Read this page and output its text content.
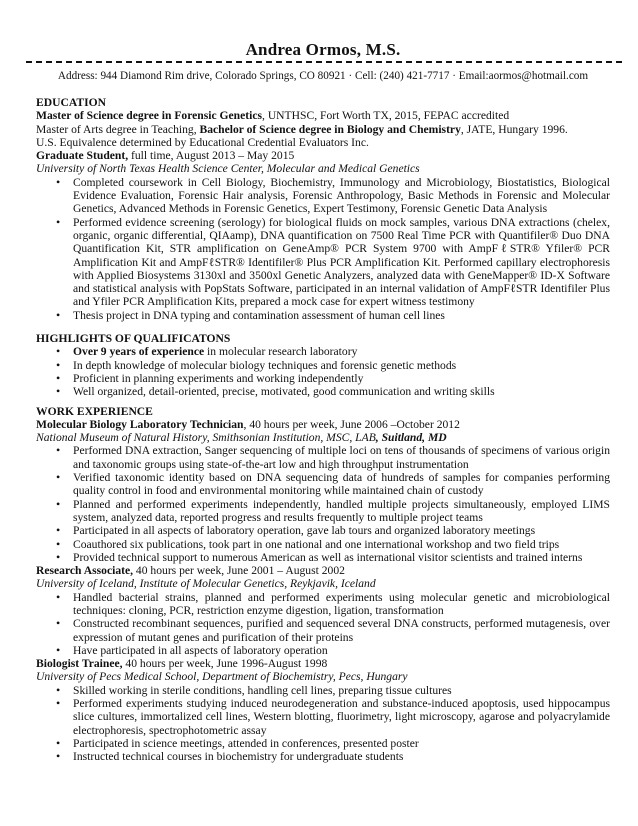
Andrea Ormos, M.S.
Address: 944 Diamond Rim drive, Colorado Springs, CO 80921 · Cell: (240) 421-7717 · Email:aormos@hotmail.com
EDUCATION
Master of Science degree in Forensic Genetics, UNTHSC, Fort Worth TX, 2015, FEPAC accredited
Master of Arts degree in Teaching, Bachelor of Science degree in Biology and Chemistry, JATE, Hungary 1996.
U.S. Equivalence determined by Educational Credential Evaluators Inc.
Graduate Student, full time, August 2013 – May 2015
University of North Texas Health Science Center, Molecular and Medical Genetics
• Completed coursework in Cell Biology, Biochemistry, Immunology and Microbiology, Biostatistics, Biological Evidence Evaluation, Forensic Hair analysis, Forensic Anthropology, Basic Methods in Forensic and Molecular Genetics, Advanced Methods in Forensic Genetics, Expert Testimony, Forensic Genetic Data Analysis
• Performed evidence screening (serology) for biological fluids on mock samples, various DNA extractions (chelex, organic, organic differential, QIAamp), DNA quantification on 7500 Real Time PCR with Quantifiler® Duo DNA Quantification Kit, STR amplification on GeneAmp® PCR System 9700 with AmpFℓSTR® Yfiler® PCR Amplification Kit and AmpFℓSTR® Identifiler® Plus PCR Amplification Kit. Performed capillary electrophoresis with Applied Biosystems 3130xl and 3500xl Genetic Analyzers, analyzed data with GeneMapper® ID-X Software and statistical analysis with PopStats Software, participated in an internal validation of AmpFℓSTR Identifiler Plus and Yfiler PCR Amplification Kits, prepared a mock case for expert witness testimony
• Thesis project in DNA typing and contamination assessment of human cell lines
HIGHLIGHTS OF QUALIFICATONS
• Over 9 years of experience in molecular research laboratory
• In depth knowledge of molecular biology techniques and forensic genetic methods
• Proficient in planning experiments and working independently
• Well organized, detail-oriented, precise, motivated, good communication and writing skills
WORK EXPERIENCE
Molecular Biology Laboratory Technician, 40 hours per week, June 2006 –October 2012
National Museum of Natural History, Smithsonian Institution, MSC, LAB, Suitland, MD
• Performed DNA extraction, Sanger sequencing of multiple loci on tens of thousands of specimens of various origin and taxonomic groups using state-of-the-art low and high throughput instrumentation
• Verified taxonomic identity based on DNA sequencing data of hundreds of samples for companies performing quality control in food and environmental monitoring while maintained chain of custody
• Planned and performed experiments independently, handled multiple projects simultaneously, employed LIMS system, analyzed data, reported progress and results frequently to multiple project teams
• Participated in all aspects of laboratory operation, gave lab tours and organized laboratory meetings
• Coauthored six publications, took part in one national and one international workshop and two field trips
• Provided technical support to numerous American as well as international visitor scientists and trained interns
Research Associate, 40 hours per week, June 2001 – August 2002
University of Iceland, Institute of Molecular Genetics, Reykjavik, Iceland
• Handled bacterial strains, planned and performed experiments using molecular genetic and microbiological techniques: cloning, PCR, restriction enzyme digestion, ligation, transformation
• Constructed recombinant sequences, purified and sequenced several DNA constructs, performed mutagenesis, over expression of mutant genes and purification of their proteins
• Have participated in all aspects of laboratory operation
Biologist Trainee, 40 hours per week, June 1996-August 1998
University of Pecs Medical School, Department of Biochemistry, Pecs, Hungary
• Skilled working in sterile conditions, handling cell lines, preparing tissue cultures
• Performed experiments studying induced neurodegeneration and substance-induced apoptosis, used hippocampus slice cultures, immortalized cell lines, Western blotting, fluorimetry, light microscopy, agarose and polyacrylamide electrophoresis, spectrophotometric assay
• Participated in science meetings, attended in conferences, presented poster
• Instructed technical courses in biochemistry for undergraduate students
